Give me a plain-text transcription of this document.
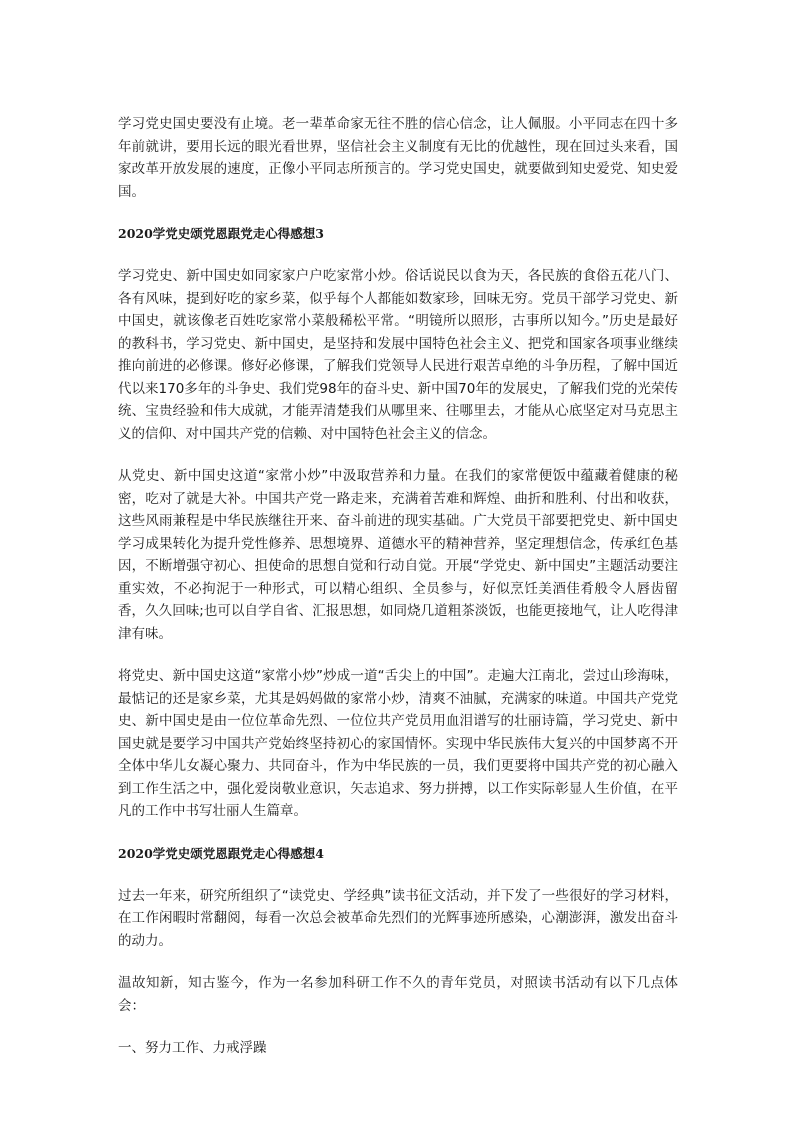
学习党史国史要没有止境。老一辈革命家无往不胜的信心信念，让人佩服。小平同志在四十多年前就讲，要用长远的眼光看世界，坚信社会主义制度有无比的优越性，现在回过头来看，国家改革开放发展的速度，正像小平同志所预言的。学习党史国史，就要做到知史爱党、知史爱国。

2020学党史颂党恩跟党走心得感想3

学习党史、新中国史如同家家户户吃家常小炒。俗话说民以食为天，各民族的食俗五花八门、各有风味，提到好吃的家乡菜，似乎每个人都能如数家珍，回味无穷。党员干部学习党史、新中国史，就该像老百姓吃家常小菜般稀松平常。“明镜所以照形，古事所以知今。”历史是最好的教科书，学习党史、新中国史，是坚持和发展中国特色社会主义、把党和国家各项事业继续推向前进的必修课。修好必修课，了解我们党领导人民进行艰苦卓绝的斗争历程，了解中国近代以来170多年的斗争史、我们党98年的奋斗史、新中国70年的发展史，了解我们党的光荣传统、宝贵经验和伟大成就，才能弄清楚我们从哪里来、往哪里去，才能从心底坚定对马克思主义的信仰、对中国共产党的信赖、对中国特色社会主义的信念。

从党史、新中国史这道“家常小炒”中汲取营养和力量。在我们的家常便饭中蕴藏着健康的秘密，吃对了就是大补。中国共产党一路走来，充满着苦难和辉煌、曲折和胜利、付出和收获，这些风雨兼程是中华民族继往开来、奋斗前进的现实基础。广大党员干部要把党史、新中国史学习成果转化为提升党性修养、思想境界、道德水平的精神营养，坚定理想信念，传承红色基因，不断增强守初心、担使命的思想自觉和行动自觉。开展“学党史、新中国史”主题活动要注重实效，不必拘泥于一种形式，可以精心组织、全员参与，好似烹饪美酒佳肴般令人唇齿留香，久久回味;也可以自学自省、汇报思想，如同烧几道粗茶淡饭，也能更接地气，让人吃得津津有味。

将党史、新中国史这道“家常小炒”炒成一道“舌尖上的中国”。走遍大江南北，尝过山珍海味，最惦记的还是家乡菜，尤其是妈妈做的家常小炒，清爽不油腻，充满家的味道。中国共产党党史、新中国史是由一位位革命先烈、一位位共产党员用血泪谱写的壮丽诗篇，学习党史、新中国史就是要学习中国共产党始终坚持初心的家国情怀。实现中华民族伟大复兴的中国梦离不开全体中华儿女凝心聚力、共同奋斗，作为中华民族的一员，我们更要将中国共产党的初心融入到工作生活之中，强化爱岗敬业意识，矢志追求、努力拼搏，以工作实际彰显人生价值，在平凡的工作中书写壮丽人生篇章。

2020学党史颂党恩跟党走心得感想4

过去一年来，研究所组织了“读党史、学经典”读书征文活动，并下发了一些很好的学习材料，在工作闲暇时常翻阅，每看一次总会被革命先烈们的光辉事迹所感染，心潮澎湃，激发出奋斗的动力。

温故知新，知古鉴今，作为一名参加科研工作不久的青年党员，对照读书活动有以下几点体会：

一、努力工作、力戒浮躁
